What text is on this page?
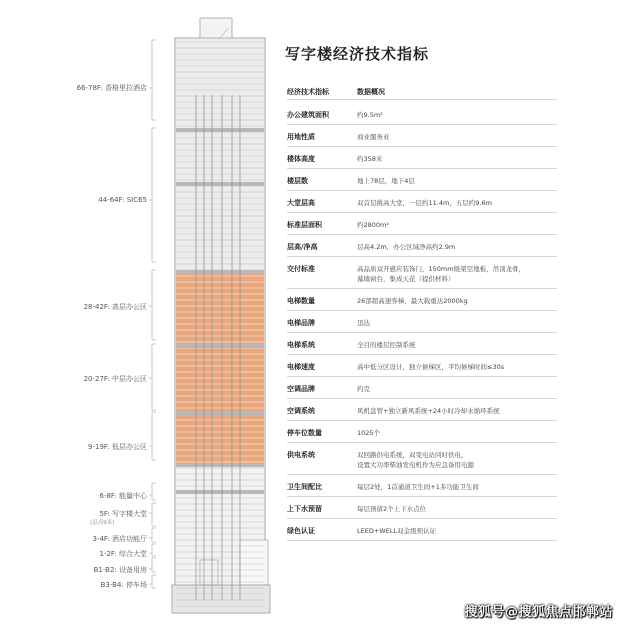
66-78F: 香格里拉酒店
44-64F: SIC65
28-42F: 高层办公区
20-27F: 中层办公区
9-19F: 低层办公区
6-8F: 能量中心
5F: 写字楼大堂
(层高9米)
3-4F: 酒店功能厅
1-2F: 综合大堂
B1-B2: 设备用房
B3-B4: 停车场
写字楼经济技术指标
经济技术指标	数据概况
办公建筑面积	约9.5m²
用地性质	商业服务业
楼体高度	约358米
楼层数	地上78层，地下4层
大堂层高	双首层挑高大堂，一层约11.4m，五层约9.6m
标准层面积	约2800m²
层高/净高	层高4.2m，办公区域净高约2.9m
交付标准	高品质双开感应装饰门，150mm级架空地板，吊顶龙骨，
幕墙窗台，集成天花（提供材料）
电梯数量	26部超高速客梯，最大载重达2000kg
电梯品牌	迅达
电梯系统	全目的楼层控制系统
电梯速度	高中低分区设计，独立候梯区，平均候梯时间≤30s
空调品牌	约克
空调系统	风机盘管+独立新风系统+24小时冷却水循环系统
停车位数量	1025个
供电系统	双回路供电系统，双变电站同时供电，
设置大功率柴油发电机作为应急备用电源
卫生间配比	每层2处，1首通道卫生间+1多功能卫生间
上下水预留	每层预留2个上下水点位
绿色认证	LEED+WELL双金级预认证
搜狐号@搜狐焦点邯郸站
